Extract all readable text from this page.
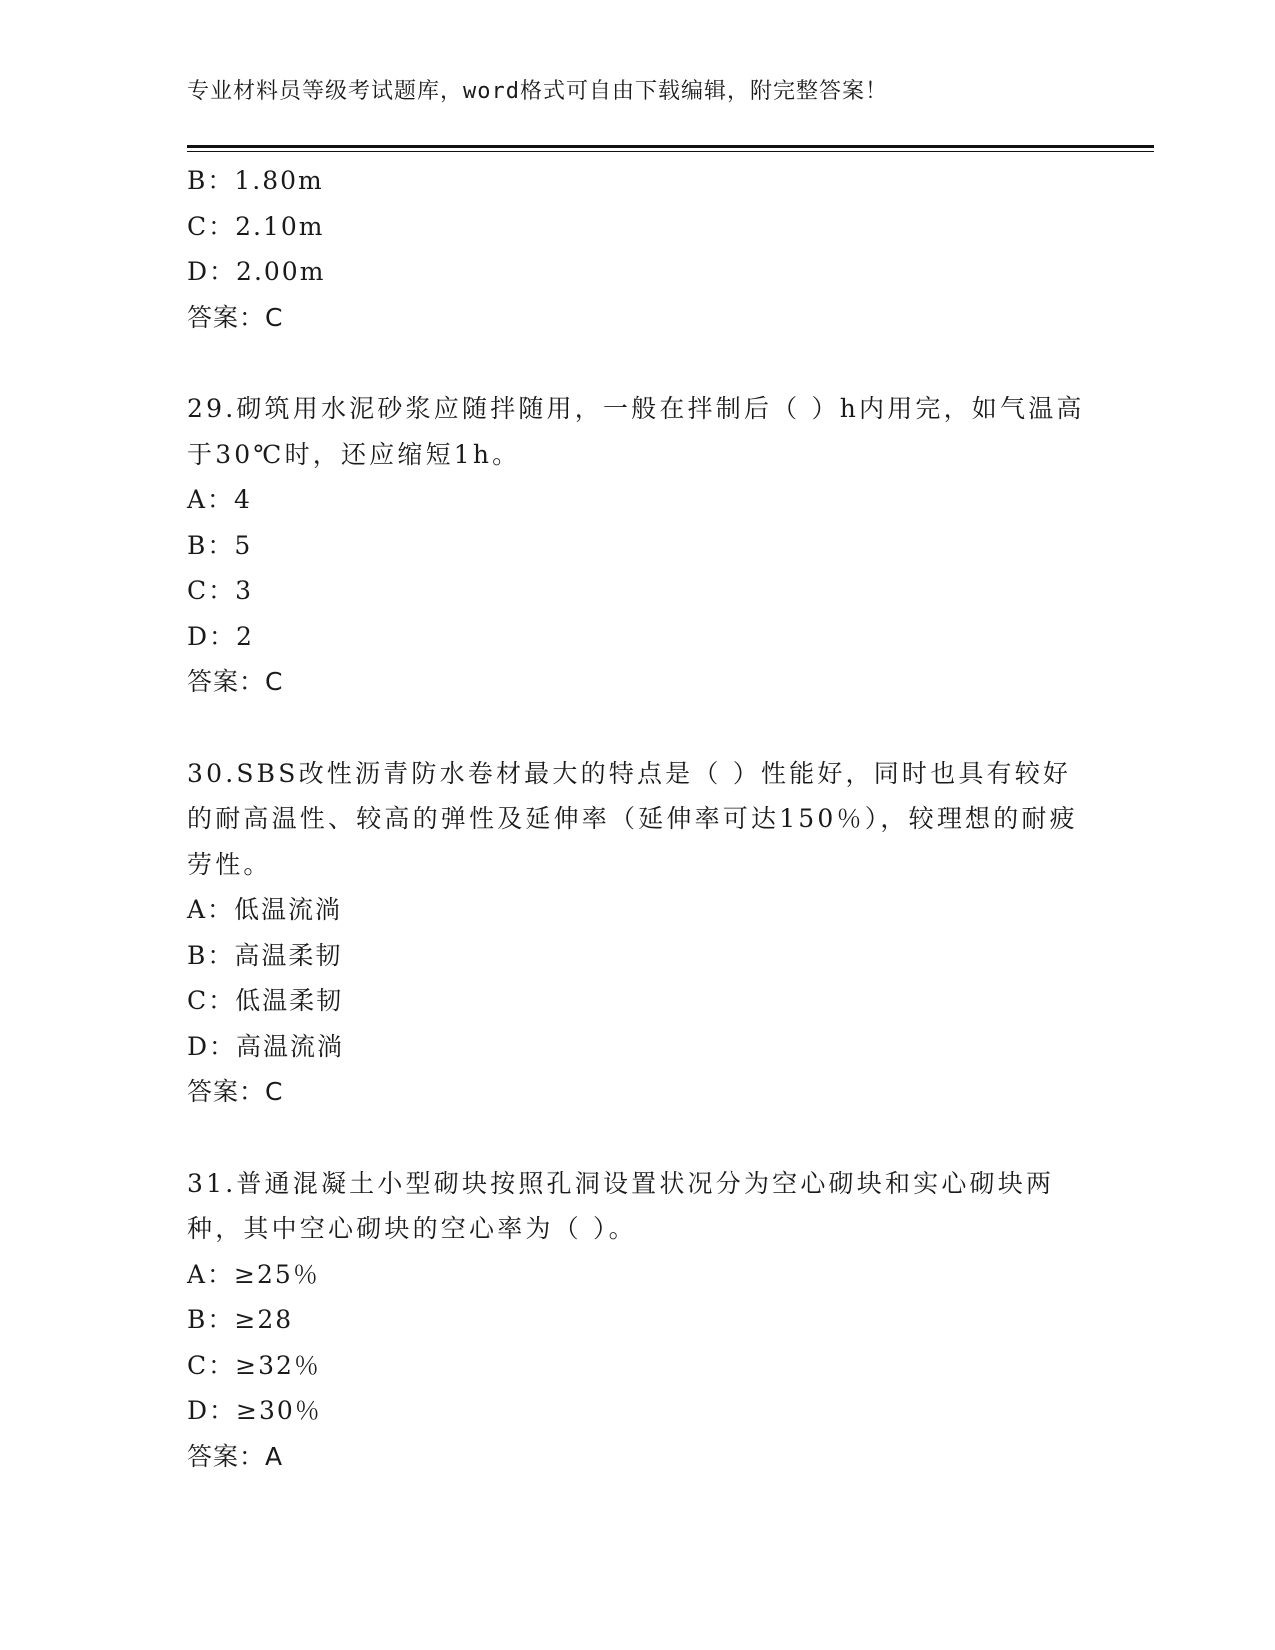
专业材料员等级考试题库，word格式可自由下载编辑，附完整答案！
B：1.80m
C：2.10m
D：2.00m
答案：C
29.砌筑用水泥砂浆应随拌随用，一般在拌制后（ ）h内用完，如气温高于30℃时，还应缩短1h。
A：4
B：5
C：3
D：2
答案：C
30.SBS改性沥青防水卷材最大的特点是（ ）性能好，同时也具有较好的耐高温性、较高的弹性及延伸率（延伸率可达150％），较理想的耐疲劳性。
A：低温流淌
B：高温柔韧
C：低温柔韧
D：高温流淌
答案：C
31.普通混凝土小型砌块按照孔洞设置状况分为空心砌块和实心砌块两种，其中空心砌块的空心率为（ ）。
A：≥25％
B：≥28
C：≥32％
D：≥30％
答案：A
